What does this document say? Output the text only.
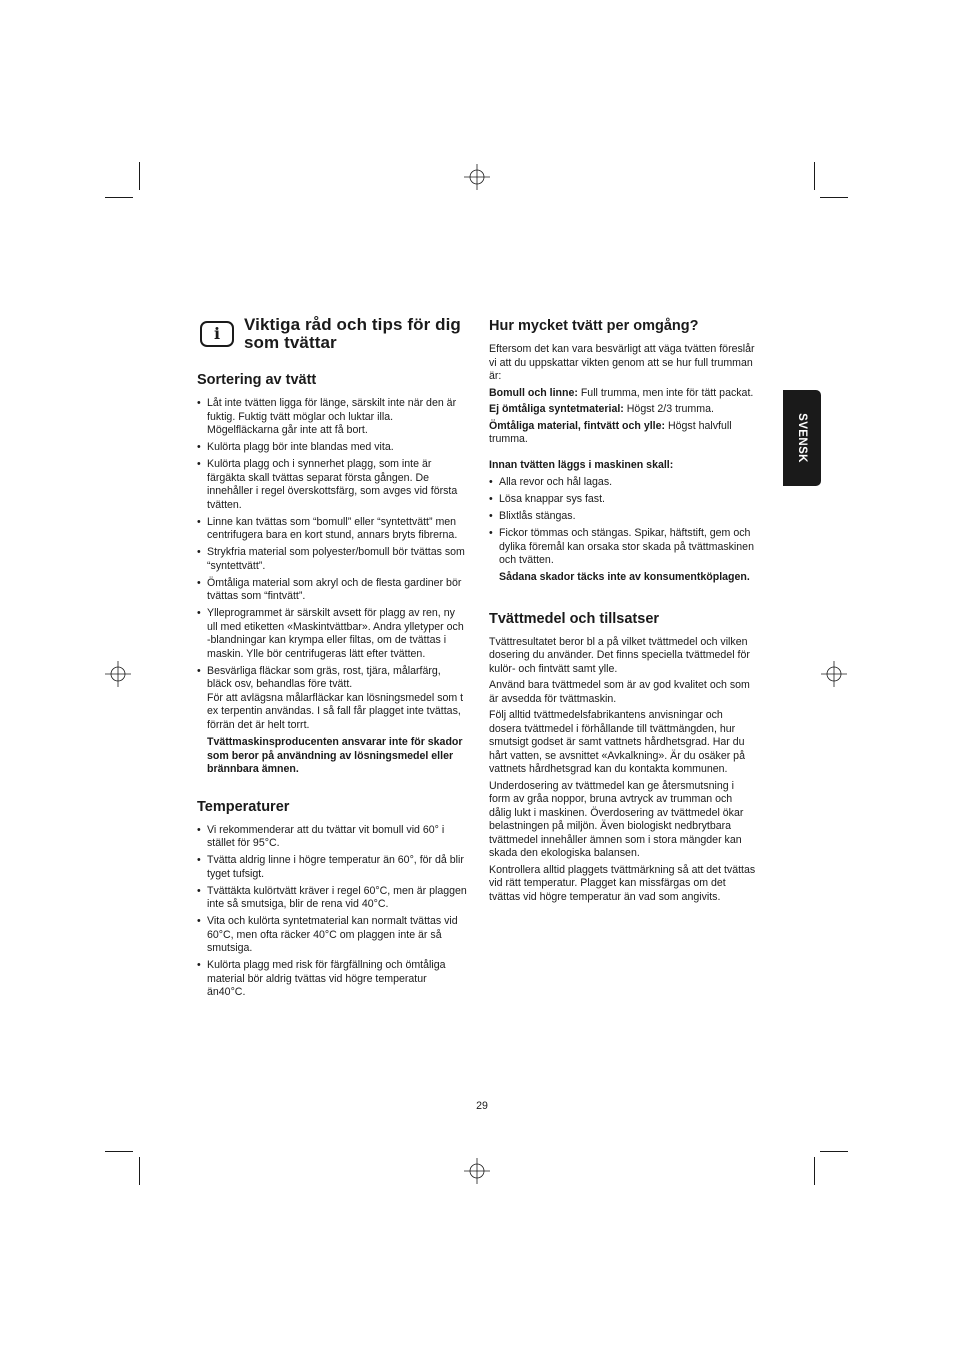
i	Viktiga råd och tips för dig som tvättar
Sortering av tvätt
• Låt inte tvätten ligga för länge, särskilt inte när den är fuktig. Fuktig tvätt möglar och luktar illa. Mögelfläckarna går inte att få bort.
• Kulörta plagg bör inte blandas med vita.
• Kulörta plagg och i synnerhet plagg, som inte är färgäkta skall tvättas separat första gången. De innehåller i regel överskottsfärg, som avges vid första tvätten.
• Linne kan tvättas som “bomull” eller “syntettvätt” men centrifugera bara en kort stund, annars bryts fibrerna.
• Strykfria material som polyester/bomull bör tvättas som “syntettvätt”.
• Ömtåliga material som akryl och de flesta gardiner bör tvättas som “fintvätt”.
• Ylleprogrammet är särskilt avsett för plagg av ren, ny ull med etiketten «Maskintvättbar». Andra ylletyper och -blandningar kan krympa eller filtas, om de tvättas i maskin. Ylle bör centrifugeras lätt efter tvätten.
• Besvärliga fläckar som gräs, rost, tjära, målarfärg, bläck osv, behandlas före tvätt.
För att avlägsna målarfläckar kan lösningsmedel som t ex terpentin användas. I så fall får plagget inte tvättas, förrän det är helt torrt.

Tvättmaskinsproducenten ansvarar inte för skador som beror på användning av lösningsmedel eller brännbara ämnen.

Temperaturer
• Vi rekommenderar att du tvättar vit bomull vid 60° i stället för 95°C.
• Tvätta aldrig linne i högre temperatur än 60°, för då blir tyget tufsigt.
• Tvättäkta kulörtvätt kräver i regel 60°C, men är plaggen inte så smutsiga, blir de rena vid 40°C.
• Vita och kulörta syntetmaterial kan normalt tvättas vid 60°C, men ofta räcker 40°C om plaggen inte är så smutsiga.
• Kulörta plagg med risk för färgfällning och ömtåliga material bör aldrig tvättas vid högre temperatur än40°C.
Hur mycket tvätt per omgång?

Eftersom det kan vara besvärligt att väga tvätten föreslår vi att du uppskattar vikten genom att se hur full trumman är:

Bomull och linne: Full trumma, men inte för tätt packat.

Ej ömtåliga syntetmaterial: Högst 2/3 trumma.

Ömtåliga material, fintvätt och ylle: Högst halvfull trumma.

Innan tvätten läggs i maskinen skall:

• Alla revor och hål lagas.
• Lösa knappar sys fast.
• Blixtlås stängas.
• Fickor tömmas och stängas. Spikar, häftstift, gem och dylika föremål kan orsaka stor skada på tvättmaskinen och tvätten.

Sådana skador täcks inte av konsumentköplagen.

Tvättmedel och tillsatser

Tvättresultatet beror bl a på vilket tvättmedel och vilken dosering du använder. Det finns speciella tvättmedel för kulör- och fintvätt samt ylle.

Använd bara tvättmedel som är av god kvalitet och som är avsedda för tvättmaskin.

Följ alltid tvättmedelsfabrikantens anvisningar och dosera tvättmedel i förhållande till tvättmängden, hur smutsigt godset är samt vattnets hårdhetsgrad. Har du hårt vatten, se avsnittet «Avkalkning». Är du osäker på vattnets hårdhetsgrad kan du kontakta kommunen.

Underdosering av tvättmedel kan ge återsmutsning i form av gråa noppor, bruna avtryck av trumman och dålig lukt i maskinen. Överdosering av tvättmedel ökar belastningen på miljön. Även biologiskt nedbrytbara tvättmedel innehåller ämnen som i stora mängder kan skada den ekologiska balansen.

Kontrollera alltid plaggets tvättmärkning så att det tvättas vid rätt temperatur. Plagget kan missfärgas om det tvättas vid högre temperatur än vad som angivits.

SVENSK
29
